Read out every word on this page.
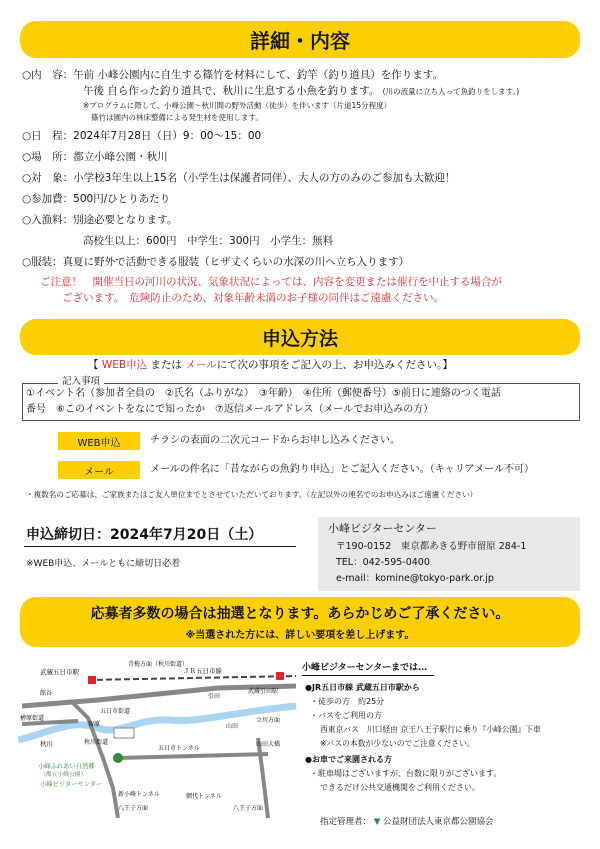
詳細・内容
○内　容：午前 小峰公園内に自生する篠竹を材料にして、釣竿（釣り道具）を作ります。
午後 自ら作った釣り道具で、秋川に生息する小魚を釣ります。 (川の流量に立ち入って魚釣りをします。)
※プログラムに際して、小峰公園～秋川間の野外活動（徒歩）を伴います（片道15分程度）
篠竹は園内の林床整備による発生材を使用します。
○日　程：2024年7月28日（日）9：00～15：00
○場　所：都立小峰公園・秋川
○対　象：小学校3年生以上15名（小学生は保護者同伴）、大人の方のみのご参加も大歓迎！
○参加費：500円/ひとりあたり
○入漁料：別途必要となります。
高校生以上：600円　中学生：300円　小学生：無料
○服装：真夏に野外で活動できる服装（ヒザ丈くらいの水深の川へ立ち入ります）
ご注意！　開催当日の河川の状況、気象状況によっては、内容を変更または催行を中止する場合が
ございます。　危険防止のため、対象年齢未満のお子様の同伴はご遠慮ください。
申込方法
【 WEB申込 または メールにて次の事項をご記入の上、お申込みください。】
記入事項
①イベント名（参加者全員の　②氏名（ふりがな）　③年齢）　④住所（郵便番号）⑤前日に連絡のつく電話
番号　⑥このイベントをなにで知ったか　⑦返信メールアドレス（メールでお申込みの方）
WEB申込	チラシの表面の二次元コードからお申し込みください。
メール	メールの件名に「昔ながらの魚釣り申込」とご記入ください。（キャリアメール不可）
・複数名のご応募は、ご家族またはご友人単位までとさせていただいております。（左記以外の連名でのお申込みはご遠慮ください）
申込締切日：2024年7月20日（土）
※WEB申込、メールともに締切日必着
小峰ビジターセンター
〒190-0152　東京都あきる野市留原 284-1
TEL：042-595-0400
e-mail：komine@tokyo-park.or.jp
応募者多数の場合は抽選となります。あらかじめご了承ください。
※当選された方には、詳しい要項を差し上げます。
武蔵五日市駅
青梅方面（秋川街道）
ＪＲ五日市線
武蔵引田駅
館谷	引田
檜原街道
五日市街道
山田
立川方面
秋川	秋川街道
留原
山田大橋
五日市トンネル
小峰ふれあい自然郷
（都立小峰公園）
小峰ビジターセンター
新小峰トンネル	網代トンネル
八王子方面	八王子方面
小峰ビジターセンターまでは…
●JR五日市線 武蔵五日市駅から
・徒歩の方　約25分
・バスをご利用の方
西東京バス　川口経由 京王八王子駅行に乗り『小峰公園』下車
※バスの本数が少ないのでご注意ください。
●お車でご来園される方
・駐車場はございますが、台数に限りがございます。
できるだけ公共交通機関をご利用ください。
指定管理者： ▼ 公益財団法人東京都公園協会
